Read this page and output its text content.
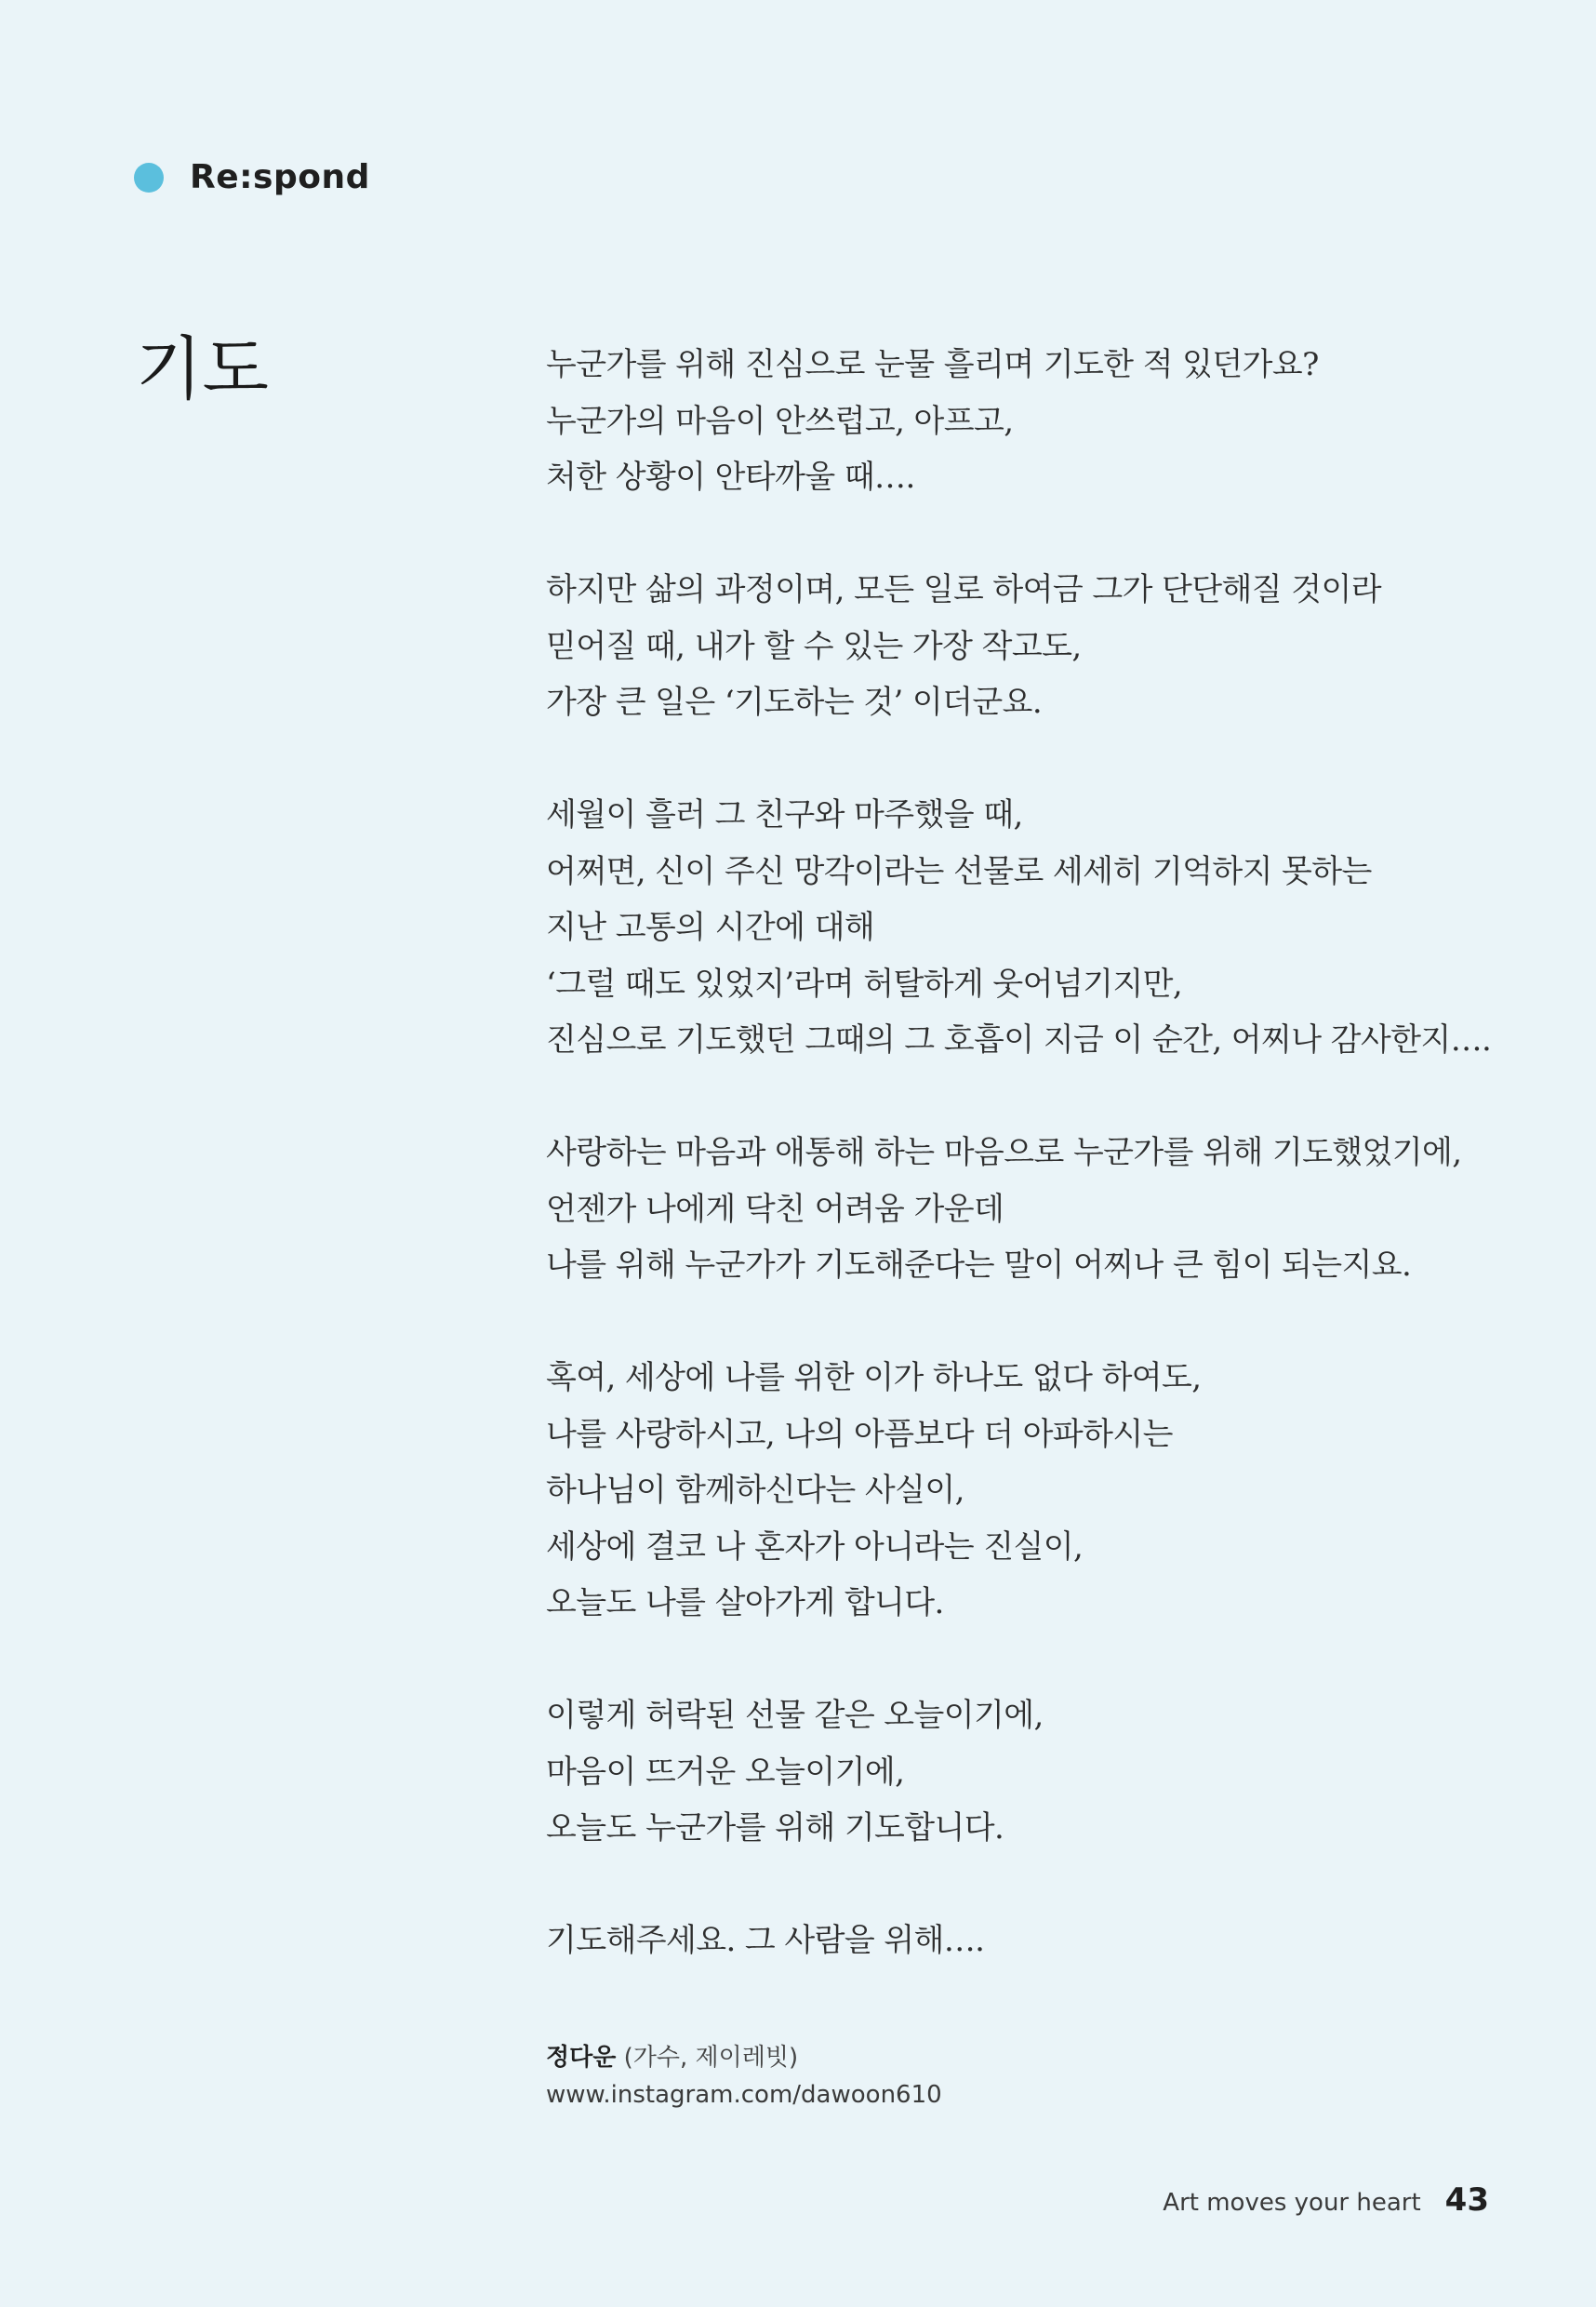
Re:spond
기도	누군가를 위해 진심으로 눈물 흘리며 기도한 적 있던가요?
누군가의 마음이 안쓰럽고, 아프고,
처한 상황이 안타까울 때….

하지만 삶의 과정이며, 모든 일로 하여금 그가 단단해질 것이라
믿어질 때, 내가 할 수 있는 가장 작고도,
가장 큰 일은 ‘기도하는 것’ 이더군요.

세월이 흘러 그 친구와 마주했을 때,
어쩌면, 신이 주신 망각이라는 선물로 세세히 기억하지 못하는
지난 고통의 시간에 대해
‘그럴 때도 있었지’라며 허탈하게 웃어넘기지만,
진심으로 기도했던 그때의 그 호흡이 지금 이 순간, 어찌나 감사한지….

사랑하는 마음과 애통해 하는 마음으로 누군가를 위해 기도했었기에,
언젠가 나에게 닥친 어려움 가운데
나를 위해 누군가가 기도해준다는 말이 어찌나 큰 힘이 되는지요.

혹여, 세상에 나를 위한 이가 하나도 없다 하여도,
나를 사랑하시고, 나의 아픔보다 더 아파하시는
하나님이 함께하신다는 사실이,
세상에 결코 나 혼자가 아니라는 진실이,
오늘도 나를 살아가게 합니다.

이렇게 허락된 선물 같은 오늘이기에,
마음이 뜨거운 오늘이기에,
오늘도 누군가를 위해 기도합니다.

기도해주세요. 그 사람을 위해….

정다운 (가수, 제이레빗)
www.instagram.com/dawoon610
Art moves your heart 43
